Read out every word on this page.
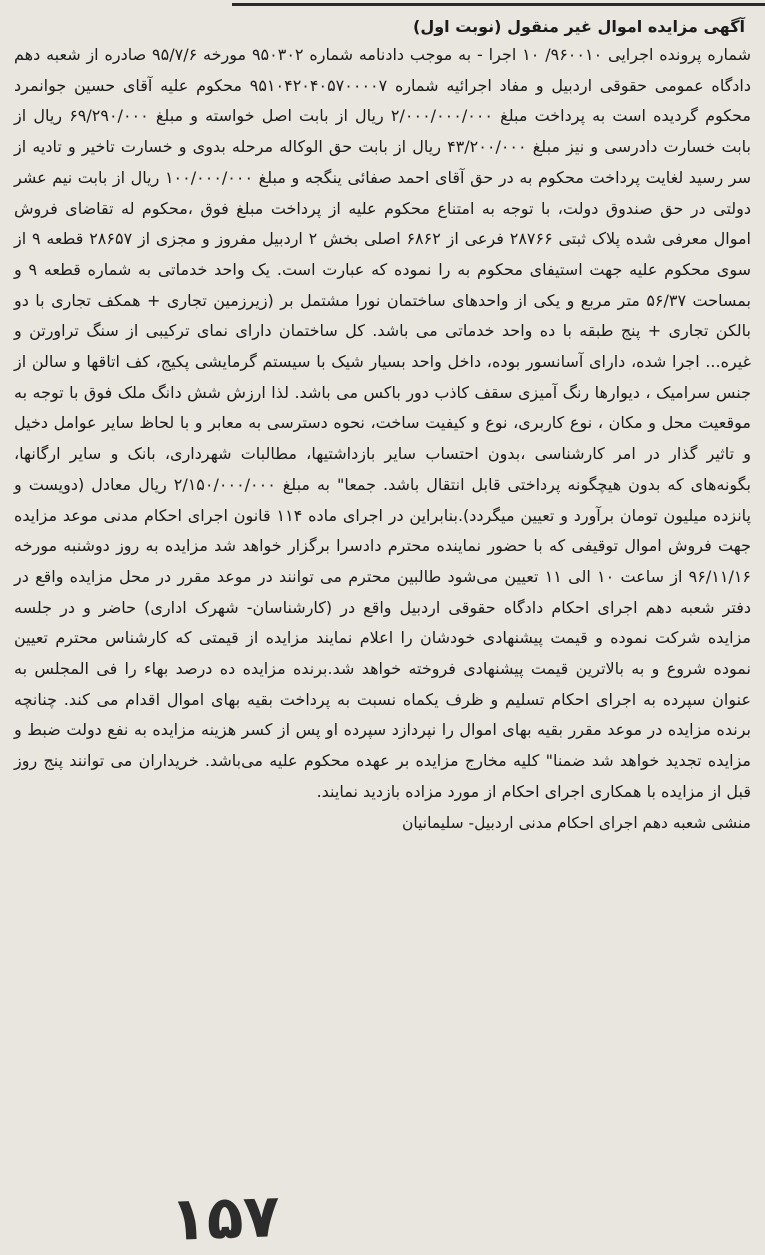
آگهی مزایده اموال غیر منقول (نوبت اول)

شماره پرونده اجرایی ۹۶۰۰۱۰/ ۱۰ اجرا - به موجب دادنامه شماره ۹۵۰۳۰۲ مورخه ۹۵/۷/۶ صادره از شعبه دهم دادگاه عمومی حقوقی اردبیل و مفاد اجرائیه شماره ۹۵۱۰۴۲۰۴۰۵۷۰۰۰۰۷ محکوم علیه آقای حسین جوانمرد محکوم گردیده است به پرداخت مبلغ ۲/۰۰۰/۰۰۰/۰۰۰ ریال از بابت اصل خواسته و مبلغ ۶۹/۲۹۰/۰۰۰ ریال از بابت خسارت دادرسی و نیز مبلغ ۴۳/۲۰۰/۰۰۰ ریال از بابت حق الوکاله مرحله بدوی و خسارت تاخیر و تادیه از سر رسید لغایت پرداخت محکوم به در حق آقای احمد صفائی ینگجه و مبلغ ۱۰۰/۰۰۰/۰۰۰ ریال از بابت نیم عشر دولتی در حق صندوق دولت، با توجه به امتناع محکوم علیه از پرداخت مبلغ فوق ،محکوم له تقاضای فروش اموال معرفی شده پلاک ثبتی ۲۸۷۶۶ فرعی از ۶۸۶۲ اصلی بخش ۲ اردبیل مفروز و مجزی از ۲۸۶۵۷ قطعه ۹ از سوی محکوم علیه جهت استیفای محکوم به را نموده که عبارت است. یک واحد خدماتی به شماره قطعه ۹ و بمساحت ۵۶/۳۷ متر مربع و یکی از واحدهای ساختمان نورا مشتمل بر (زیرزمین تجاری + همکف تجاری با دو بالکن تجاری + پنج طبقه با ده واحد خدماتی می باشد. کل ساختمان دارای نمای ترکیبی از سنگ تراورتن و غیره... اجرا شده، دارای آسانسور بوده، داخل واحد بسیار شیک با سیستم گرمایشی پکیج، کف اتاقها و سالن از جنس سرامیک ، دیوارها رنگ آمیزی سقف کاذب دور باکس می باشد. لذا ارزش شش دانگ ملک فوق با توجه به موقعیت محل و مکان ، نوع کاربری، نوع و کیفیت ساخت، نحوه دسترسی به معابر و با لحاظ سایر عوامل دخیل و تاثیر گذار در امر کارشناسی ،بدون احتساب سایر بازداشتیها، مطالبات شهرداری، بانک و سایر ارگانها، بگونه‌های که بدون هیچگونه پرداختی قابل انتقال باشد. جمعا" به مبلغ ۲/۱۵۰/۰۰۰/۰۰۰ ریال معادل (دویست و پانزده میلیون تومان برآورد و تعیین میگردد).بنابراین در اجرای ماده ۱۱۴ قانون اجرای احکام مدنی موعد مزایده جهت فروش اموال توقیفی که با حضور نماینده محترم دادسرا برگزار خواهد شد مزایده به روز دوشنبه مورخه ۹۶/۱۱/۱۶ از ساعت ۱۰ الی ۱۱ تعیین می‌شود طالبین محترم می توانند در موعد مقرر در محل مزایده واقع در دفتر شعبه دهم اجرای احکام دادگاه حقوقی اردبیل واقع در (کارشناسان- شهرک اداری) حاضر و در جلسه مزایده شرکت نموده و قیمت پیشنهادی خودشان را اعلام نمایند مزایده از قیمتی که کارشناس محترم تعیین نموده شروع و به بالاترین قیمت پیشنهادی فروخته خواهد شد.برنده مزایده ده درصد بهاء را فی المجلس به عنوان سپرده به اجرای احکام تسلیم و ظرف یکماه نسبت به پرداخت بقیه بهای اموال اقدام می کند. چنانچه برنده مزایده در موعد مقرر بقیه بهای اموال را نپردازد سپرده او پس از کسر هزینه مزایده به نفع دولت ضبط و مزایده تجدید خواهد شد ضمنا" کلیه مخارج مزایده بر عهده محکوم علیه می‌باشد. خریداران می توانند پنج روز قبل از مزایده با همکاری اجرای احکام از مورد مزاده بازدید نمایند.

منشی شعبه دهم اجرای احکام مدنی اردبیل- سلیمانیان

۱۵۷
